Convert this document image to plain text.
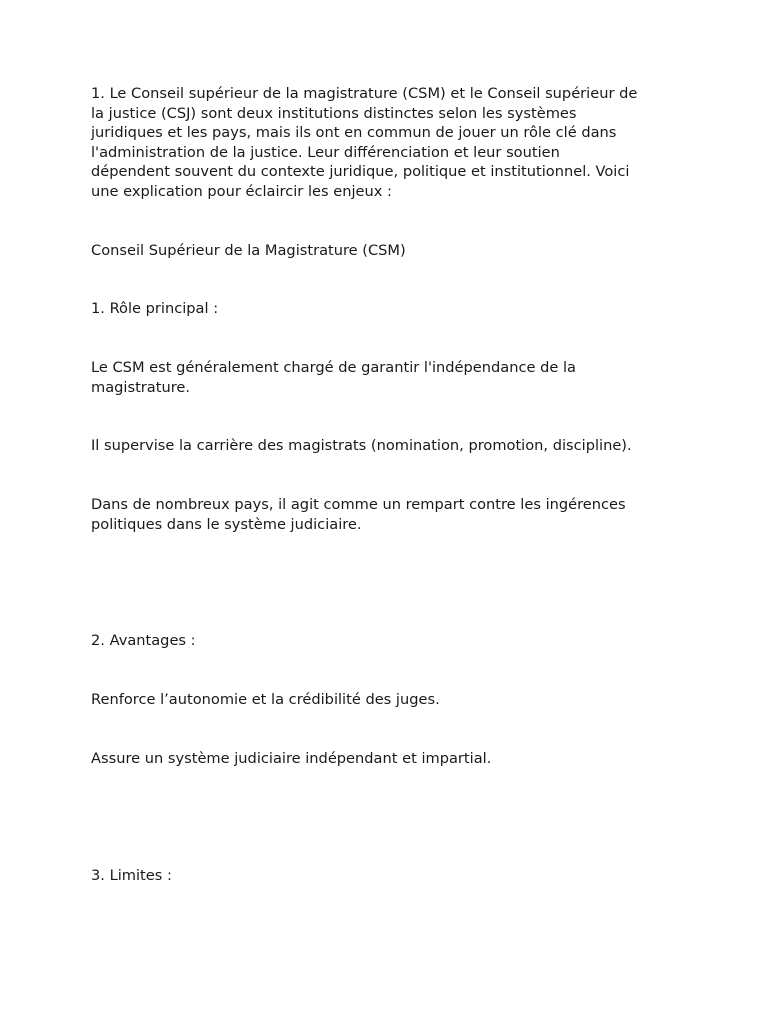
1. Le Conseil supérieur de la magistrature (CSM) et le Conseil supérieur de
la justice (CSJ) sont deux institutions distinctes selon les systèmes
juridiques et les pays, mais ils ont en commun de jouer un rôle clé dans
l'administration de la justice. Leur différenciation et leur soutien
dépendent souvent du contexte juridique, politique et institutionnel. Voici
une explication pour éclaircir les enjeux :

Conseil Supérieur de la Magistrature (CSM)

1. Rôle principal :

Le CSM est généralement chargé de garantir l'indépendance de la
magistrature.

Il supervise la carrière des magistrats (nomination, promotion, discipline).

Dans de nombreux pays, il agit comme un rempart contre les ingérences
politiques dans le système judiciaire.

2. Avantages :

Renforce l’autonomie et la crédibilité des juges.

Assure un système judiciaire indépendant et impartial.

3. Limites :
